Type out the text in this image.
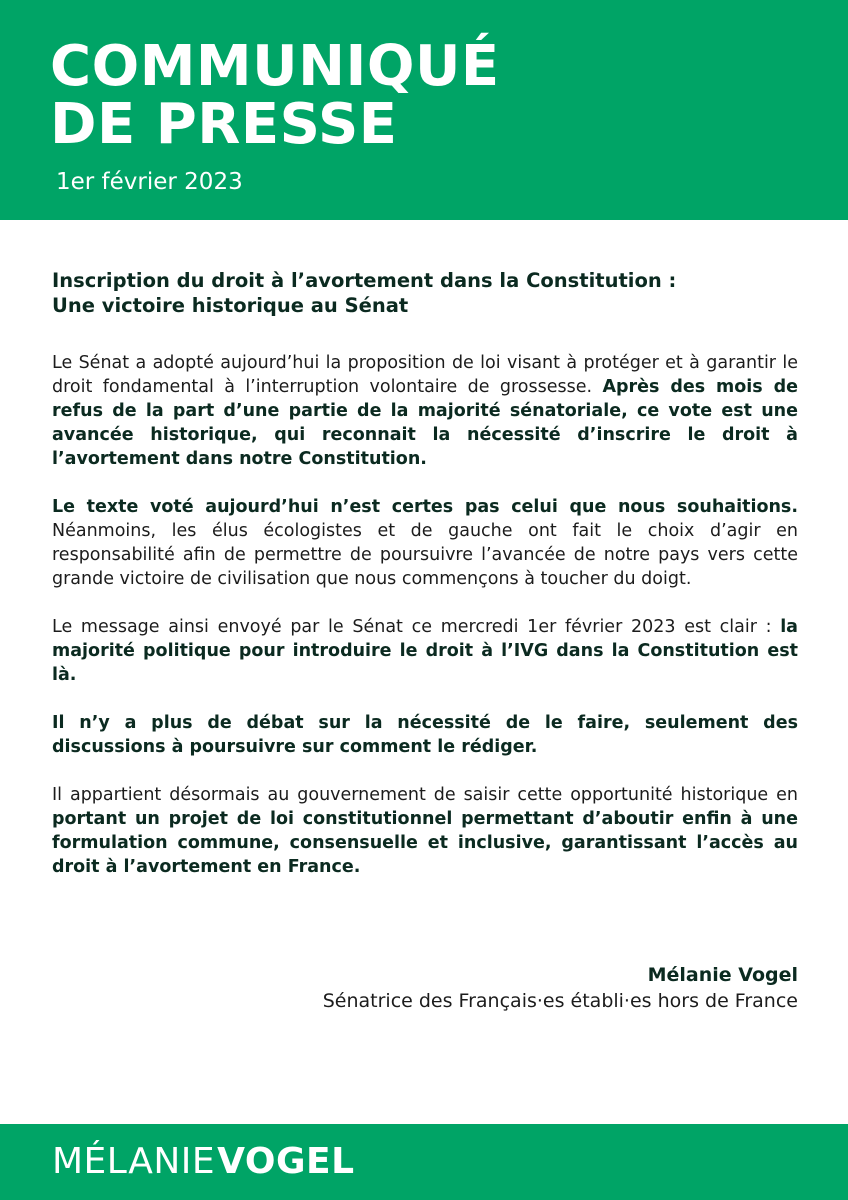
COMMUNIQUÉ
DE PRESSE
1er février 2023
Inscription du droit à l’avortement dans la Constitution :
Une victoire historique au Sénat

Le Sénat a adopté aujourd’hui la proposition de loi visant à protéger et à garantir le droit fondamental à l’interruption volontaire de grossesse. Après des mois de refus de la part d’une partie de la majorité sénatoriale, ce vote est une avancée historique, qui reconnait la nécessité d’inscrire le droit à l’avortement dans notre Constitution.

Le texte voté aujourd’hui n’est certes pas celui que nous souhaitions. Néanmoins, les élus écologistes et de gauche ont fait le choix d’agir en responsabilité afin de permettre de poursuivre l’avancée de notre pays vers cette grande victoire de civilisation que nous commençons à toucher du doigt.

Le message ainsi envoyé par le Sénat ce mercredi 1er février 2023 est clair : la majorité politique pour introduire le droit à l’IVG dans la Constitution est là.

Il n’y a plus de débat sur la nécessité de le faire, seulement des discussions à poursuivre sur comment le rédiger.

Il appartient désormais au gouvernement de saisir cette opportunité historique en portant un projet de loi constitutionnel permettant d’aboutir enfin à une formulation commune, consensuelle et inclusive, garantissant l’accès au droit à l’avortement en France.

Mélanie Vogel
Sénatrice des Français·es établi·es hors de France
MÉLANIEVOGEL
